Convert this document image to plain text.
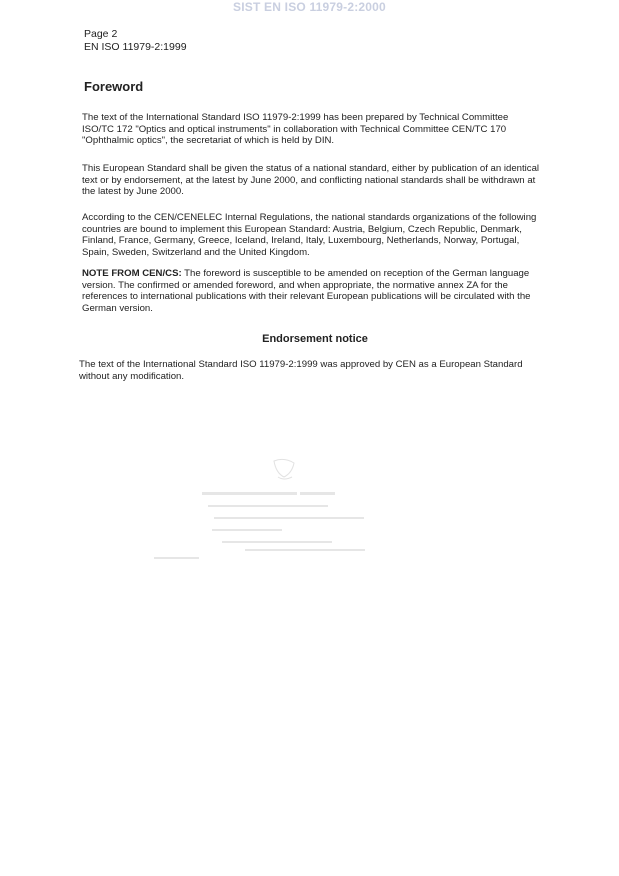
SIST EN ISO 11979-2:2000
Page 2
EN ISO 11979-2:1999
Foreword

The text of the International Standard ISO 11979-2:1999 has been prepared by Technical Committee ISO/TC 172 "Optics and optical instruments" in collaboration with Technical Committee CEN/TC 170 "Ophthalmic optics", the secretariat of which is held by DIN.

This European Standard shall be given the status of a national standard, either by publication of an identical text or by endorsement, at the latest by June 2000, and conflicting national standards shall be withdrawn at the latest by June 2000.

According to the CEN/CENELEC Internal Regulations, the national standards organizations of the following countries are bound to implement this European Standard: Austria, Belgium, Czech Republic, Denmark, Finland, France, Germany, Greece, Iceland, Ireland, Italy, Luxembourg, Netherlands, Norway, Portugal, Spain, Sweden, Switzerland and the United Kingdom.

NOTE FROM CEN/CS: The foreword is susceptible to be amended on reception of the German language version. The confirmed or amended foreword, and when appropriate, the normative annex ZA for the references to international publications with their relevant European publications will be circulated with the German version.

Endorsement notice

The text of the International Standard ISO 11979-2:1999 was approved by CEN as a European Standard without any modification.
